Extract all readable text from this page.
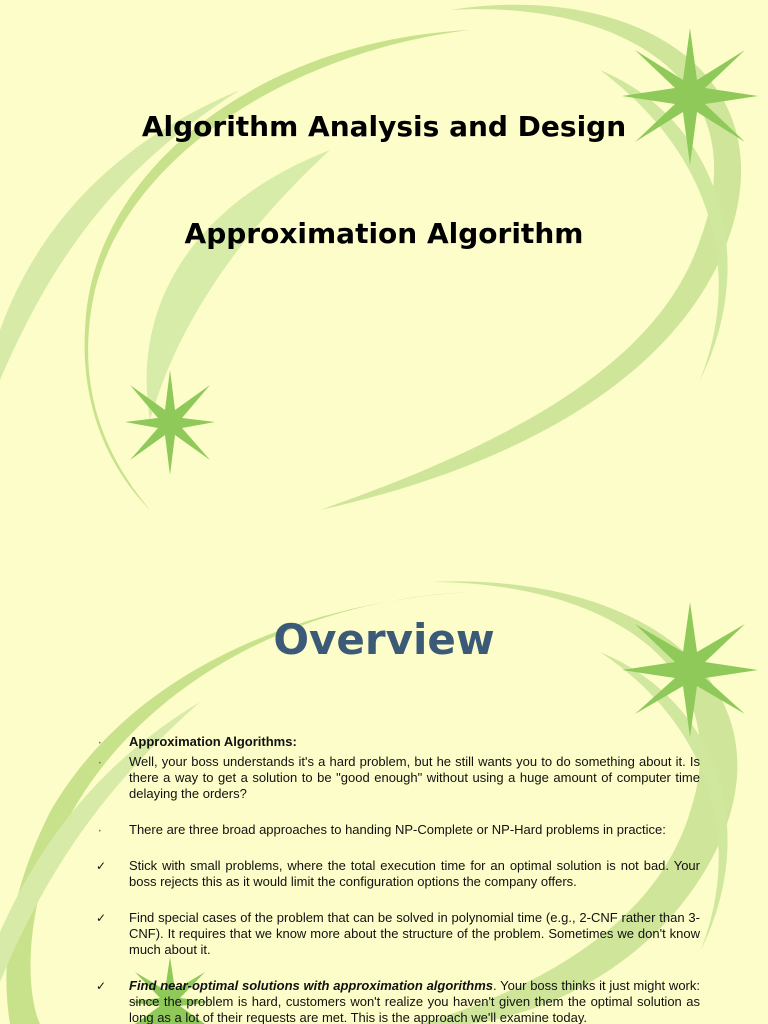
Algorithm Analysis and Design
Approximation Algorithm
Overview
•	Approximation Algorithms:
•	Well, your boss understands it's a hard problem, but he still wants you to do something about it. Is there a way to get a solution to be "good enough" without using a huge amount of computer time delaying the orders?
•	There are three broad approaches to handing NP-Complete or NP-Hard problems in practice:
✓	Stick with small problems, where the total execution time for an optimal solution is not bad. Your boss rejects this as it would limit the configuration options the company offers.
✓	Find special cases of the problem that can be solved in polynomial time (e.g., 2-CNF rather than 3-CNF). It requires that we know more about the structure of the problem. Sometimes we don't know much about it.
✓	Find near-optimal solutions with approximation algorithms. Your boss thinks it just might work: since the problem is hard, customers won't realize you haven't given them the optimal solution as long as a lot of their requests are met. This is the approach we'll examine today.
